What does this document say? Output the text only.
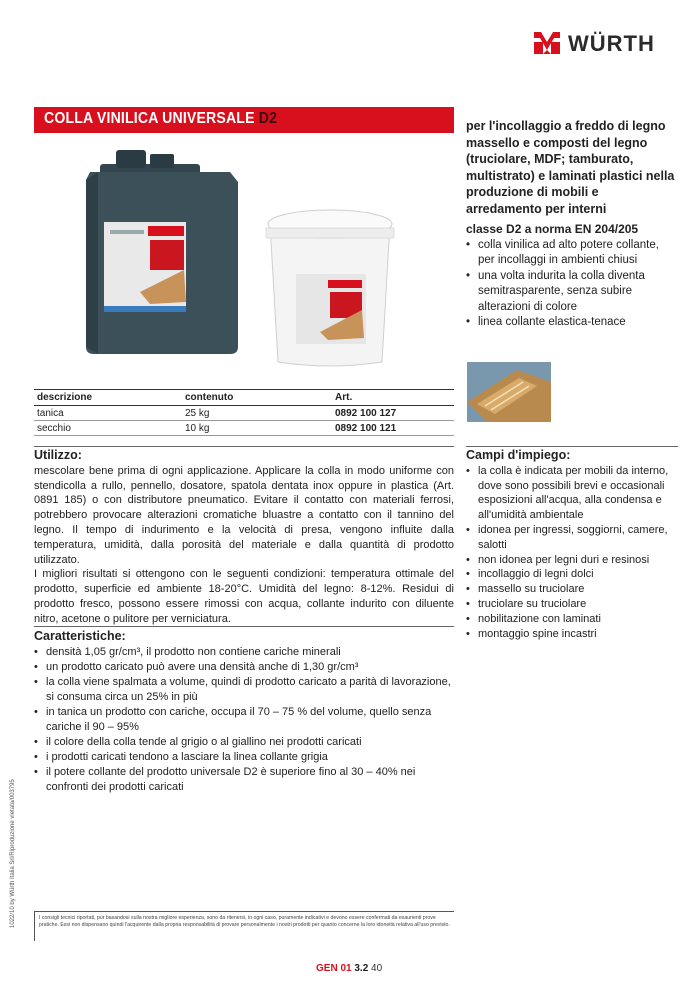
WÜRTH
COLLA VINILICA UNIVERSALE D2	per l'incollaggio a freddo di legno massello e composti del legno (truciolare, MDF; tamburato, multistrato) e laminati plastici nella produzione di mobili e arredamento per interni
classe D2 a norma EN 204/205
• colla vinilica ad alto potere collante, per incollaggi in ambienti chiusi
• una volta indurita la colla diventa semitrasparente, senza subire alterazioni di colore
• linea collante elastica-tenace
descrizione	contenuto	Art.
tanica	25 kg	0892 100 127
secchio	10 kg	0892 100 121
Utilizzo:
mescolare bene prima di ogni applicazione. Applicare la colla in modo uniforme con stendicolla a rullo, pennello, dosatore, spatola dentata inox oppure in plastica (Art. 0891 185) o con distributore pneumatico. Evitare il contatto con materiali ferrosi, potrebbero provocare alterazioni cromatiche bluastre a contatto con il tannino del legno. Il tempo di indurimento e la velocità di presa, vengono influite dalla temperatura, umidità, dalla porosità del materiale e dalla quantità di prodotto utilizzato.
I migliori risultati si ottengono con le seguenti condizioni: temperatura ottimale del prodotto, superficie ed ambiente 18-20°C. Umidità del legno: 8-12%. Residui di prodotto fresco, possono essere rimossi con acqua, collante indurito con diluente nitro, acetone o pulitore per verniciatura.
Caratteristiche:
• densità 1,05 gr/cm³, il prodotto non contiene cariche minerali
• un prodotto caricato può avere una densità anche di 1,30 gr/cm³
• la colla viene spalmata a volume, quindi di prodotto caricato a parità di lavorazione, si consuma circa un 25% in più
• in tanica un prodotto con cariche, occupa il 70 – 75 % del volume, quello senza cariche il 90 – 95%
• il colore della colla tende al grigio o al giallino nei prodotti caricati
• i prodotti caricati tendono a lasciare la linea collante grigia
• il potere collante del prodotto universale D2 è superiore fino al 30 – 40% nei confronti dei prodotti caricati
Campi d'impiego:
• la colla è indicata per mobili da interno, dove sono possibili brevi e occasionali esposizioni all'acqua, alla condensa e all'umidità ambientale
• idonea per ingressi, soggiorni, camere, salotti
• non idonea per legni duri e resinosi
• incollaggio di legni dolci
• massello su truciolare
• truciolare su truciolare
• nobilitazione con laminati
• montaggio spine incastri
1022/10 by Würth Italia Srl/Riproduzione vietata/003795	I consigli tecnici riportati, pur basandosi sulla nostra migliore esperienza, sono da ritenersi, in ogni caso, puramente indicativi e devono essere confermati da esaurienti prove pratiche. Essi non dispensano quindi l'acquirente dalla propria responsabilità di provare personalmente i nostri prodotti per quanto concerne la loro idoneità relativa all'uso previsto.
GEN 01 3.2 40
